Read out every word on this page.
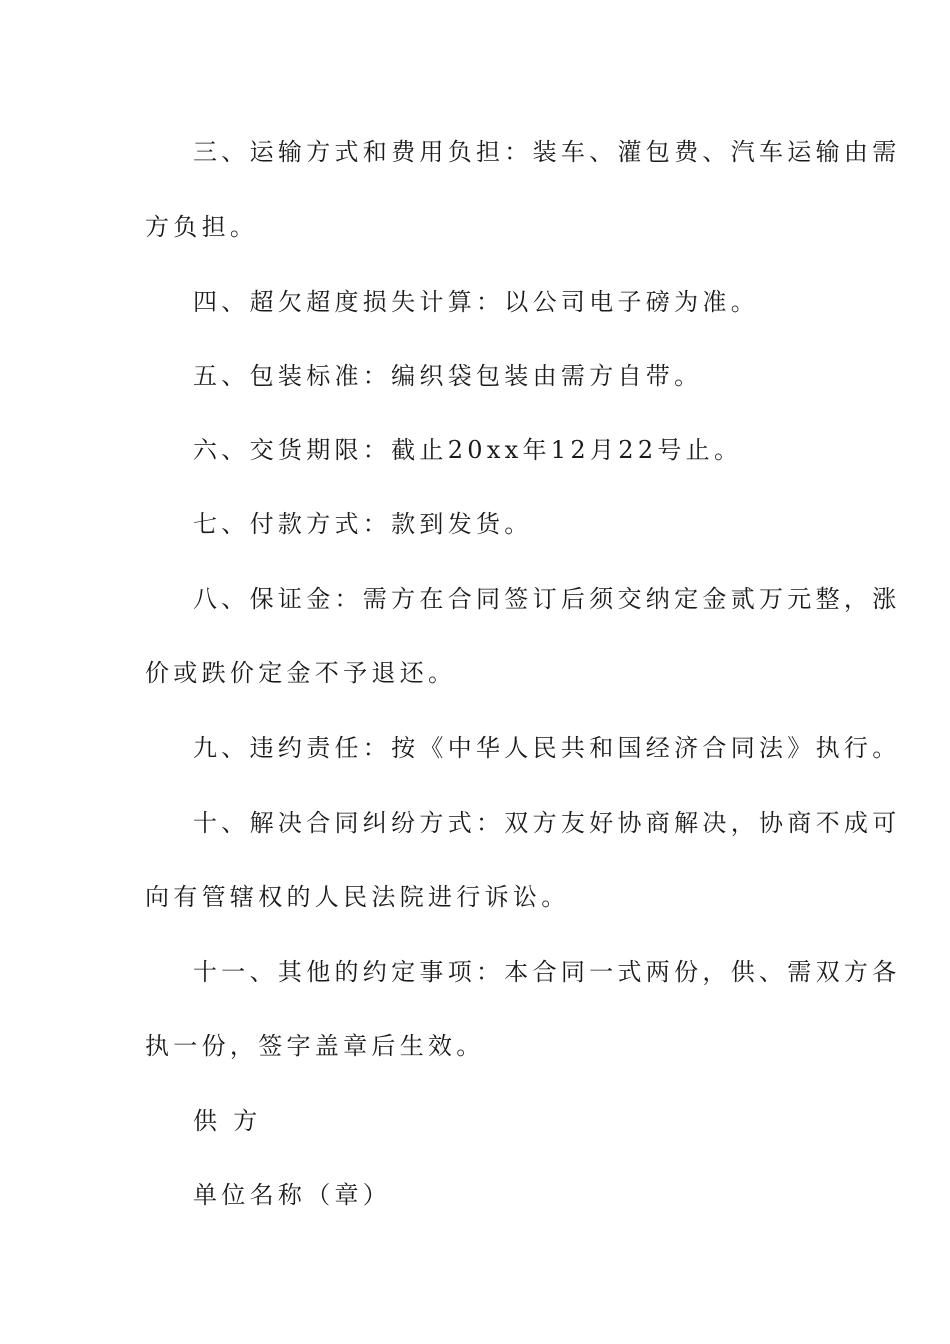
三、运输方式和费用负担：装车、灌包费、汽车运输由需
方负担。
四、超欠超度损失计算：以公司电子磅为准。
五、包装标准：编织袋包装由需方自带。
六、交货期限：截止20xx年12月22号止。
七、付款方式：款到发货。
八、保证金：需方在合同签订后须交纳定金贰万元整，涨
价或跌价定金不予退还。
九、违约责任：按《中华人民共和国经济合同法》执行。
十、解决合同纠纷方式：双方友好协商解决，协商不成可
向有管辖权的人民法院进行诉讼。
十一、其他的约定事项：本合同一式两份，供、需双方各
执一份，签字盖章后生效。
供 方
单位名称（章）
